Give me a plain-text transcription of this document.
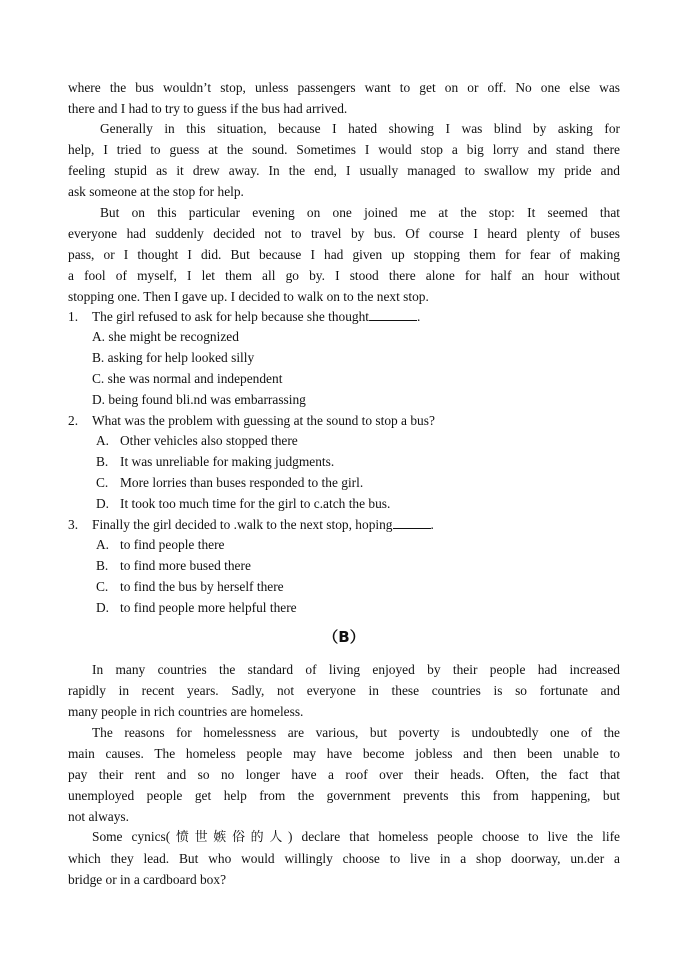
where the bus wouldn’t stop, unless passengers want to get on or off. No one else was
there and I had to try to guess if the bus had arrived.
Generally in this situation, because I hated showing I was blind by asking for
help, I tried to guess at the sound. Sometimes I would stop a big lorry and stand there
feeling stupid as it drew away. In the end, I usually managed to swallow my pride and
ask someone at the stop for help.
But on this particular evening on one joined me at the stop: It seemed that
everyone had suddenly decided not to travel by bus. Of course I heard plenty of buses
pass, or I thought I did. But because I had given up stopping them for fear of making
a fool of myself, I let them all go by. I stood there alone for half an hour without
stopping one. Then I gave up. I decided to walk on to the next stop.
1. The girl refused to ask for help because she thought	.
A. she might be recognized
B. asking for help looked silly
C. she was normal and independent
D. being found bli.nd was embarrassing
2. What was the problem with guessing at the sound to stop a bus?
A. Other vehicles also stopped there
B. It was unreliable for making judgments.
C. More lorries than buses responded to the girl.
D. It took too much time for the girl to c.atch the bus.
3. Finally the girl decided to .walk to the next stop, hoping	.
A. to find people there
B. to find more bused there
C. to find the bus by herself there
D. to find people more helpful there
（B）
In many countries the standard of living enjoyed by their people had increased
rapidly in recent years. Sadly, not everyone in these countries is so fortunate and
many people in rich countries are homeless.
The reasons for homelessness are various, but poverty is undoubtedly one of the
main causes. The homeless people may have become jobless and then been unable to
pay their rent and so no longer have a roof over their heads. Often, the fact that
unemployed people get help from the government prevents this from happening, but
not always.
Some cynics(愤世嫉俗的人) declare that homeless people choose to live the life
which they lead. But who would willingly choose to live in a shop doorway, un.der a
bridge or in a cardboard box?
